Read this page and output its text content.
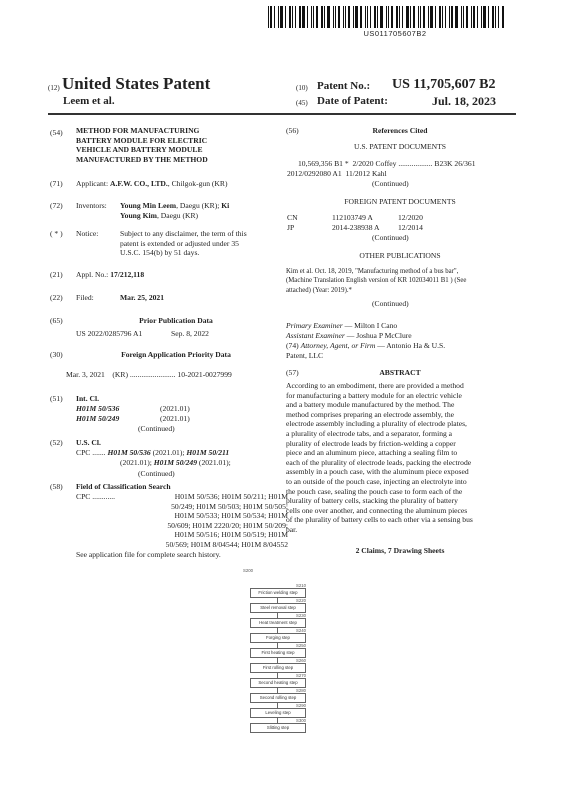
US011705607B2
(12) United States Patent
Leem et al.
(10) Patent No.: US 11,705,607 B2
(45) Date of Patent:	Jul. 18, 2023
(54) METHOD FOR MANUFACTURING
BATTERY MODULE FOR ELECTRIC
VEHICLE AND BATTERY MODULE
MANUFACTURED BY THE METHOD
(71) Applicant: A.F.W. CO., LTD., Chilgok-gun (KR)
(72) Inventors: Young Min Leem, Daegu (KR); Ki
Young Kim, Daegu (KR)
( * ) Notice:	Subject to any disclaimer, the term of this
patent is extended or adjusted under 35
U.S.C. 154(b) by 51 days.
(21) Appl. No.: 17/212,118
(22) Filed:	Mar. 25, 2021
(65)	Prior Publication Data
US 2022/0285796 A1	Sep. 8, 2022
(30)	Foreign Application Priority Data
Mar. 3, 2021 (KR) ........................ 10-2021-0027999
(51) Int. Cl.
H01M 50/536	(2021.01)
H01M 50/249	(2021.01)
(Continued)
(52) U.S. Cl.
CPC ....... H01M 50/536 (2021.01); H01M 50/211
(2021.01); H01M 50/249 (2021.01);
(Continued)
(58) Field of Classification Search
CPC ............	H01M 50/536; H01M 50/211; H01M
50/249; H01M 50/503; H01M 50/505;
H01M 50/533; H01M 50/534; H01M
50/609; H01M 2220/20; H01M 50/209;
H01M 50/516; H01M 50/519; H01M
50/569; H01M 8/04544; H01M 8/04552
See application file for complete search history.
(56)	References Cited
U.S. PATENT DOCUMENTS
10,569,356 B1 * 2/2020 Coffey .................. B23K 26/361
2012/0292080 A1 11/2012 Kahl
(Continued)
FOREIGN PATENT DOCUMENTS
CN	112103749 A	12/2020
JP	2014-238938 A 12/2014
(Continued)
OTHER PUBLICATIONS
Kim et al. Oct. 18, 2019, "Manufacturing method of a bus bar",
(Machine Translation English version of KR 102034011 B1 ) (See
attached) (Year: 2019).*
(Continued)
Primary Examiner — Milton I Cano
Assistant Examiner — Joshua P McClure
(74) Attorney, Agent, or Firm — Antonio Ha & U.S.
Patent, LLC
(57)	ABSTRACT
According to an embodiment, there are provided a method
for manufacturing a battery module for an electric vehicle
and a battery module manufactured by the method. The
method comprises preparing an electrode assembly, the
electrode assembly including a plurality of electrode plates,
a plurality of electrode tabs, and a separator, forming a
plurality of electrode leads by friction-welding a copper
piece and an aluminum piece, attaching a sealing film to
each of the plurality of electrode leads, packing the electrode
assembly in a pouch case, with the aluminum piece exposed
to an outside of the pouch case, injecting an electrolyte into
the pouch case, sealing the pouch case to form each of the
plurality of battery cells, stacking the plurality of battery
cells one over another, and connecting the aluminum pieces
of the plurality of battery cells to each other via a sensing bus
bar.
2 Claims, 7 Drawing Sheets
S200
Friction welding step
S210
Steel removal step
S220
Heat treatment step
S230
Forging step
S240
First heating step
S250
First rolling step
S260
Second heating step
S270
Second rolling step
S280
Leveling step
S290
Slitting step
S300
